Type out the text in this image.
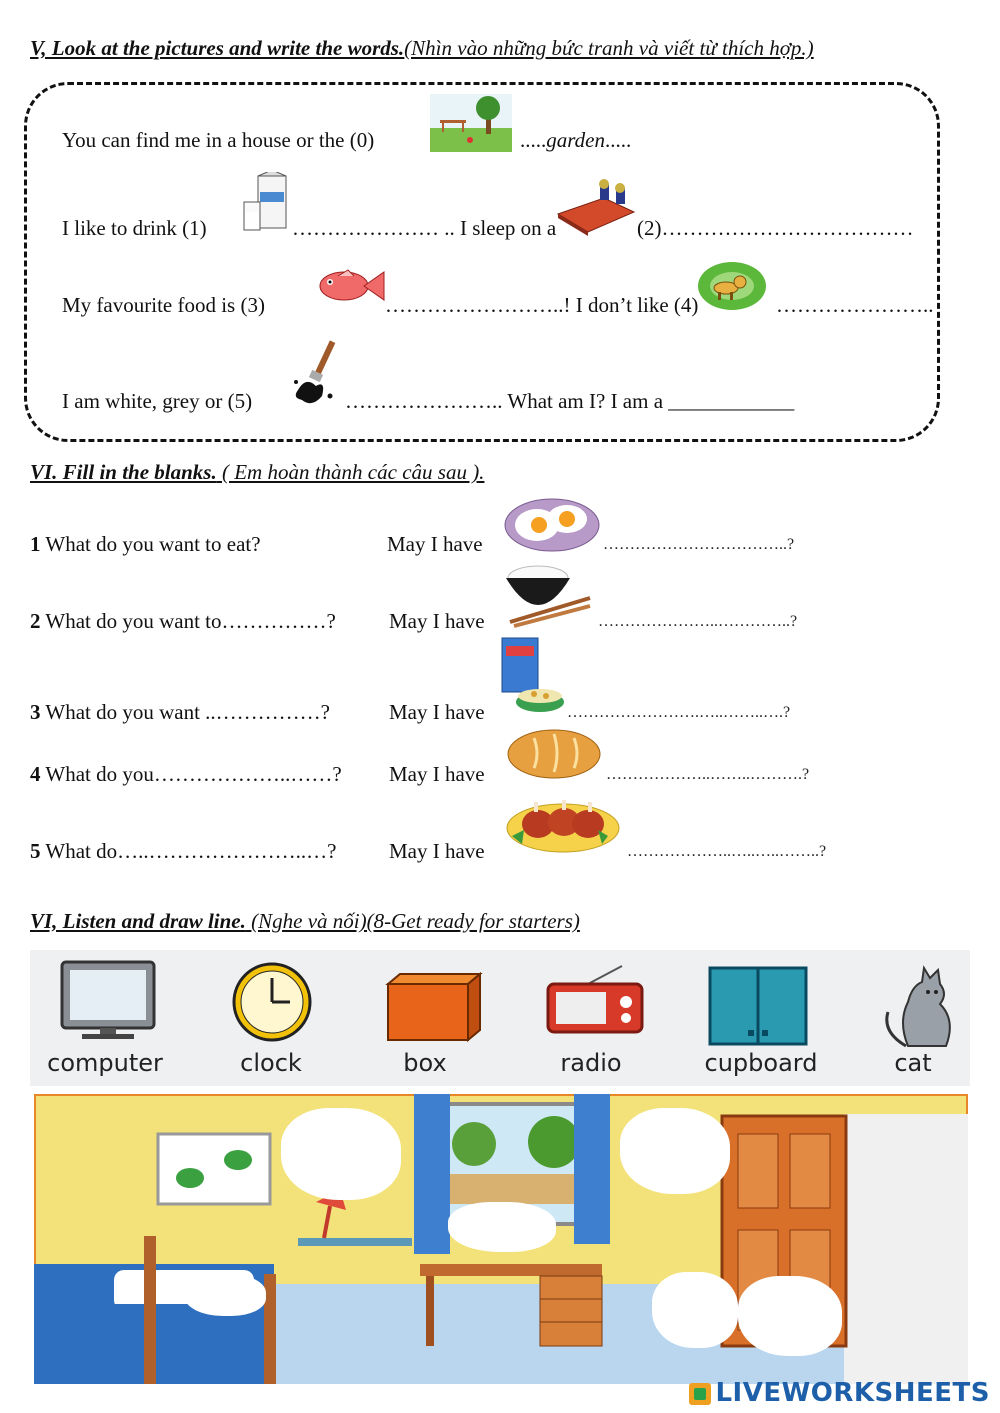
V, Look at the pictures and write the words.(Nhìn vào những bức tranh và viết từ thích hợp.)
You can find me in a house or the (0)	.....garden.....
I like to drink (1)	………………… .. I sleep on a	(2)………………………………
My favourite food is (3)	……………………..! I don’t like (4)	…………………..
I am white, grey or (5)	………………….. What am I? I am a ____________
VI. Fill in the blanks. ( Em hoàn thành các câu sau ).
1 What do you want to eat?	May I have	……………………………..?
2 What do you want to……………?	May I have	…………………..…………..?
3 What do you want ..……………?	May I have	…………………….…..……..….?
4 What do you………………..……? May I have	………………..……..……….?
5 What do…..…………………..…?	May I have	………………..…..…..……..?
VI, Listen and draw line. (Nghe và nối)(8-Get ready for starters)
computer	clock	box	radio	cupboard	cat
LIVEWORKSHEETS
